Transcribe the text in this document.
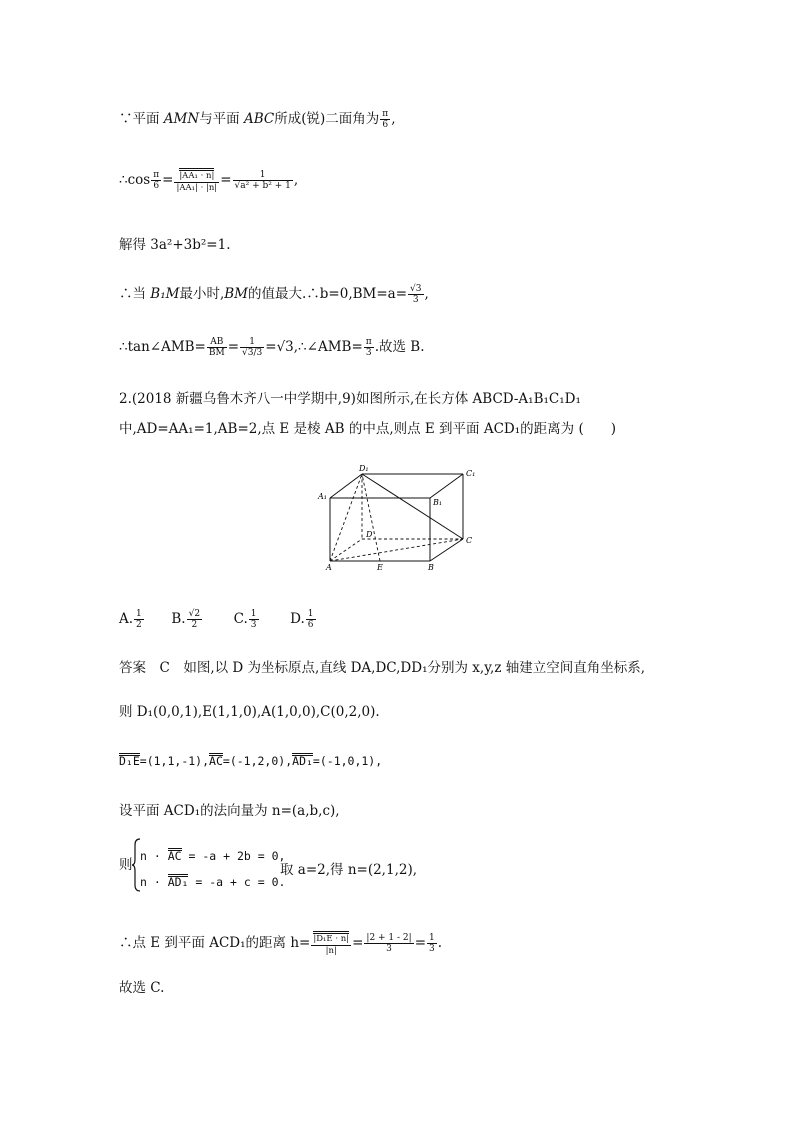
∵平面 AMN与平面 ABC所成(锐)二面角为 $\frac{\pi}{6}$ ,
∴cos $\frac{\pi}{6} = \frac{\text{|AA₁ · n|}}{\text{|AA₁| · |n|}} = \frac{1}{\text{√a² + b² + 1}}$ ,
解得 3a²+3b²=1.
∴当 B₁M最小时,BM的值最大.∴b=0,BM=a= $\frac{√3}{3}$ ,
∴tan∠AMB= $\frac{AB}{BM} = \frac{1}{√3/3}$ =√3,∴∠AMB= $\frac{\pi}{3}$ .故选 B.
2.(2018 新疆乌鲁木齐八一中学期中,9)如图所示,在长方体 ABCD-A₁B₁C₁D₁
中,AD=AA₁=1,AB=2,点 E 是棱 AB 的中点,则点 E 到平面 ACD₁的距离为 (　　)
D₁
C₁
A₁
B₁
D
C
A	E	B
A. $\frac{1}{2} B$. $\frac{√2}{2} C$. $\frac{1}{3} D$. $\frac{1}{6}$
答案　C　如图,以 D 为坐标原点,直线 DA,DC,DD₁分别为 x,y,z 轴建立空间直角坐标系,
则 D₁(0,0,1),E(1,1,0),A(1,0,0),C(0,2,0).
D₁E=(1,1,-1),AC=(-1,2,0),AD₁=(-1,0,1),
设平面 ACD₁的法向量为 n=(a,b,c),
则
n · AC = -a + 2b = 0,
n · AD₁ = -a + c = 0.
取 a=2,得 n=(2,1,2),
∴点 E 到平面 ACD₁的距离 $h= \frac{\text{|D₁E · n|}}{|n|} = \frac{|2 + 1 - 2|}{3} = \frac{1}{3}$ .
故选 C.
